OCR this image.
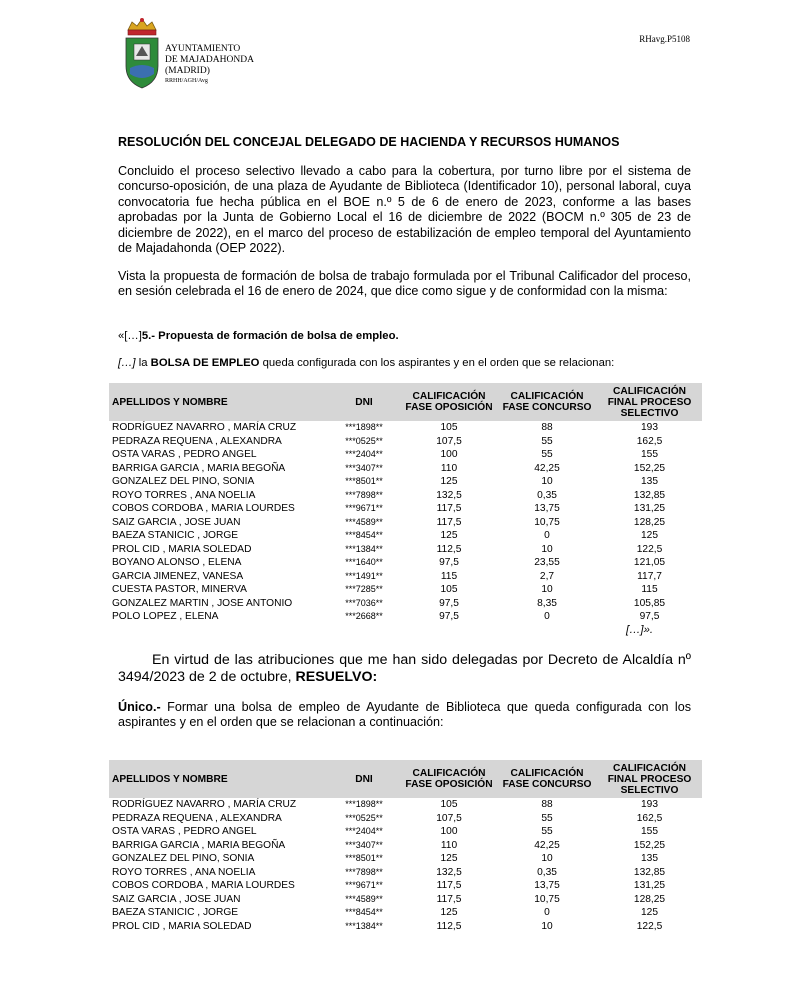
AYUNTAMIENTO
DE MAJADAHONDA
(MADRID)
RRHH/AGH/Avg
RHavg.P5108
RESOLUCIÓN DEL CONCEJAL DELEGADO DE HACIENDA Y RECURSOS HUMANOS
Concluido el proceso selectivo llevado a cabo para la cobertura, por turno libre por el sistema de concurso-oposición, de una plaza de Ayudante de Biblioteca (Identificador 10), personal laboral, cuya convocatoria fue hecha pública en el BOE n.º 5 de 6 de enero de 2023, conforme a las bases aprobadas por la Junta de Gobierno Local el 16 de diciembre de 2022 (BOCM n.º 305 de 23 de diciembre de 2022), en el marco del proceso de estabilización de empleo temporal del Ayuntamiento de Majadahonda (OEP 2022).
Vista la propuesta de formación de bolsa de trabajo formulada por el Tribunal Calificador del proceso, en sesión celebrada el 16 de enero de 2024, que dice como sigue y de conformidad con la misma:
«[…]5.- Propuesta de formación de bolsa de empleo.
[…] la BOLSA DE EMPLEO queda configurada con los aspirantes y en el orden que se relacionan:
APELLIDOS Y NOMBRE	DNI	CALIFICACIÓN FASE OPOSICIÓN	CALIFICACIÓN FASE CONCURSO	CALIFICACIÓN FINAL PROCESO SELECTIVO
RODRÍGUEZ NAVARRO , MARÍA CRUZ	***1898**	105	88	193
PEDRAZA REQUENA , ALEXANDRA	***0525**	107,5	55	162,5
OSTA VARAS , PEDRO ANGEL	***2404**	100	55	155
BARRIGA GARCIA , MARIA BEGOÑA	***3407**	110	42,25	152,25
GONZALEZ DEL PINO, SONIA	***8501**	125	10	135
ROYO TORRES , ANA NOELIA	***7898**	132,5	0,35	132,85
COBOS CORDOBA , MARIA LOURDES	***9671**	117,5	13,75	131,25
SAIZ GARCIA , JOSE JUAN	***4589**	117,5	10,75	128,25
BAEZA STANICIC , JORGE	***8454**	125	0	125
PROL CID , MARIA SOLEDAD	***1384**	112,5	10	122,5
BOYANO ALONSO , ELENA	***1640**	97,5	23,55	121,05
GARCIA JIMENEZ, VANESA	***1491**	115	2,7	117,7
CUESTA PASTOR, MINERVA	***7285**	105	10	115
GONZALEZ MARTIN , JOSE ANTONIO	***7036**	97,5	8,35	105,85
POLO LOPEZ , ELENA	***2668**	97,5	0	97,5
[…]».
En virtud de las atribuciones que me han sido delegadas por Decreto de Alcaldía nº 3494/2023 de 2 de octubre, RESUELVO:
Único.- Formar una bolsa de empleo de Ayudante de Biblioteca que queda configurada con los aspirantes y en el orden que se relacionan a continuación:
APELLIDOS Y NOMBRE	DNI	CALIFICACIÓN FASE OPOSICIÓN	CALIFICACIÓN FASE CONCURSO	CALIFICACIÓN FINAL PROCESO SELECTIVO
RODRÍGUEZ NAVARRO , MARÍA CRUZ	***1898**	105	88	193
PEDRAZA REQUENA , ALEXANDRA	***0525**	107,5	55	162,5
OSTA VARAS , PEDRO ANGEL	***2404**	100	55	155
BARRIGA GARCIA , MARIA BEGOÑA	***3407**	110	42,25	152,25
GONZALEZ DEL PINO, SONIA	***8501**	125	10	135
ROYO TORRES , ANA NOELIA	***7898**	132,5	0,35	132,85
COBOS CORDOBA , MARIA LOURDES	***9671**	117,5	13,75	131,25
SAIZ GARCIA , JOSE JUAN	***4589**	117,5	10,75	128,25
BAEZA STANICIC , JORGE	***8454**	125	0	125
PROL CID , MARIA SOLEDAD	***1384**	112,5	10	122,5
